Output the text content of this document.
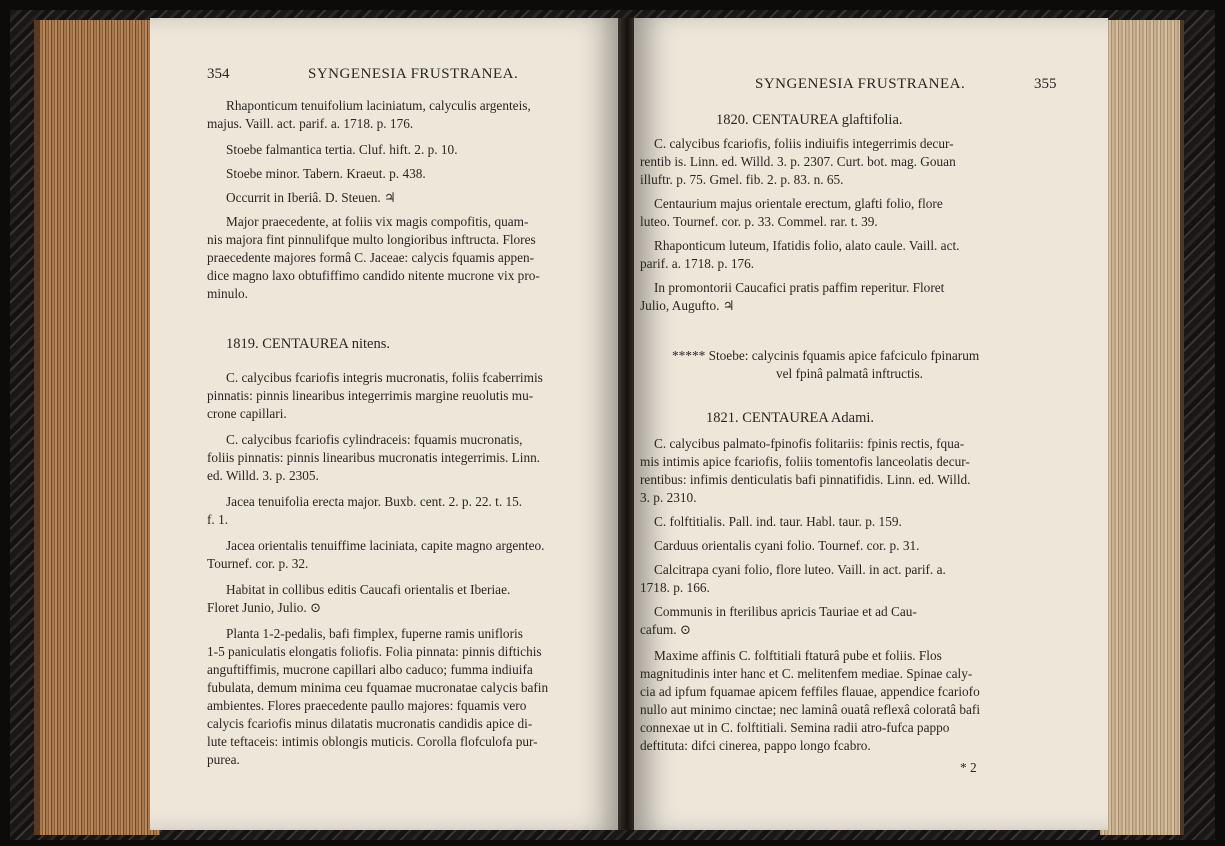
354	SYNGENESIA FRUSTRANEA.
Rhaponticum tenuifolium laciniatum, calyculis argenteis,
majus. Vaill. act. parif. a. 1718. p. 176.
Stoebe falmantica tertia. Cluf. hift. 2. p. 10.
Stoebe minor. Tabern. Kraeut. p. 438.
Occurrit in Iberiâ. D. Steuen. ♃
Major praecedente, at foliis vix magis compofitis, quam-
nis majora fint pinnulifque multo longioribus inftructa. Flores
praecedente majores formâ C. Jaceae: calycis fquamis appen-
dice magno laxo obtufiffimo candido nitente mucrone vix pro-
minulo.
1819. CENTAUREA nitens.
C. calycibus fcariofis integris mucronatis, foliis fcaberrimis
pinnatis: pinnis linearibus integerrimis margine reuolutis mu-
crone capillari.
C. calycibus fcariofis cylindraceis: fquamis mucronatis,
foliis pinnatis: pinnis linearibus mucronatis integerrimis. Linn.
ed. Willd. 3. p. 2305.
Jacea tenuifolia erecta major. Buxb. cent. 2. p. 22. t. 15.
f. 1.
Jacea orientalis tenuiffime laciniata, capite magno argenteo.
Tournef. cor. p. 32.
Habitat in collibus editis Caucafi orientalis et Iberiae.
Floret Junio, Julio. ⊙
Planta 1-2-pedalis, bafi fimplex, fuperne ramis unifloris
1-5 paniculatis elongatis foliofis. Folia pinnata: pinnis diftichis
anguftiffimis, mucrone capillari albo caduco; fumma indiuifa
fubulata, demum minima ceu fquamae mucronatae calycis bafin
ambientes. Flores praecedente paullo majores: fquamis vero
calycis fcariofis minus dilatatis mucronatis candidis apice di-
lute teftaceis: intimis oblongis muticis. Corolla flofculofa pur-
purea.
SYNGENESIA FRUSTRANEA.	355
1820. CENTAUREA glaftifolia.
C. calycibus fcariofis, foliis indiuifis integerrimis decur-
rentib is. Linn. ed. Willd. 3. p. 2307. Curt. bot. mag. Gouan
illuftr. p. 75. Gmel. fib. 2. p. 83. n. 65.
Centaurium majus orientale erectum, glafti folio, flore
luteo. Tournef. cor. p. 33. Commel. rar. t. 39.
Rhaponticum luteum, Ifatidis folio, alato caule. Vaill. act.
parif. a. 1718. p. 176.
In promontorii Caucafici pratis paffim reperitur. Floret
Julio, Augufto. ♃
***** Stoebe: calycinis fquamis apice fafciculo fpinarum
vel fpinâ palmatâ inftructis.
1821. CENTAUREA Adami.
C. calycibus palmato-fpinofis folitariis: fpinis rectis, fqua-
mis intimis apice fcariofis, foliis tomentofis lanceolatis decur-
rentibus: infimis denticulatis bafi pinnatifidis. Linn. ed. Willd.
3. p. 2310.
C. folftitialis. Pall. ind. taur. Habl. taur. p. 159.
Carduus orientalis cyani folio. Tournef. cor. p. 31.
Calcitrapa cyani folio, flore luteo. Vaill. in act. parif. a.
1718. p. 166.
Communis in fterilibus apricis Tauriae et ad Cau-
cafum. ⊙
Maxime affinis C. folftitiali ftaturâ pube et foliis. Flos
magnitudinis inter hanc et C. melitenfem mediae. Spinae caly-
cia ad ipfum fquamae apicem feffiles flauae, appendice fcariofo
nullo aut minimo cinctae; nec laminâ ouatâ reflexâ coloratâ bafi
connexae ut in C. folftitiali. Semina radii atro-fufca pappo
deftituta: difci cinerea, pappo longo fcabro.
* 2
